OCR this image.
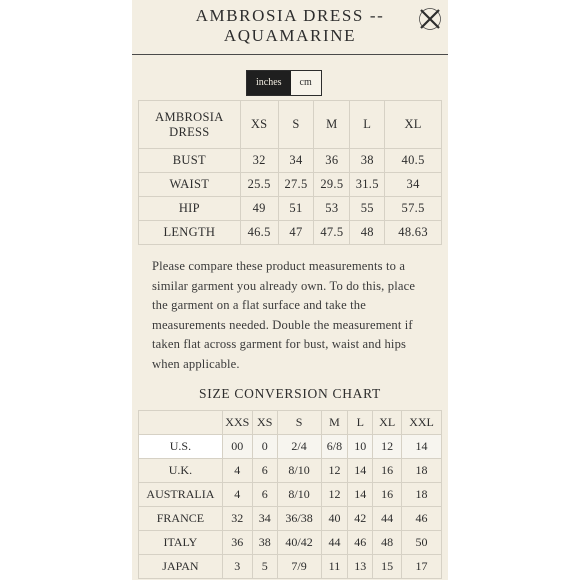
AMBROSIA DRESS --
AQUAMARINE
inches	cm
AMBROSIA
DRESS	XS	S	M	L	XL
BUST	32	34	36	38	40.5
WAIST	25.5	27.5	29.5	31.5	34
HIP	49	51	53	55	57.5
LENGTH	46.5	47	47.5	48	48.63

Please compare these product measurements to a similar garment you already own. To do this, place the garment on a flat surface and take the measurements needed. Double the measurement if taken flat across garment for bust, waist and hips when applicable.

SIZE CONVERSION CHART
	XXS	XS	S	M	L	XL	XXL
U.S.	00	0	2/4	6/8	10	12	14
U.K.	4	6	8/10	12	14	16	18
AUSTRALIA	4	6	8/10	12	14	16	18
FRANCE	32	34	36/38	40	42	44	46
ITALY	36	38	40/42	44	46	48	50
JAPAN	3	5	7/9	11	13	15	17
